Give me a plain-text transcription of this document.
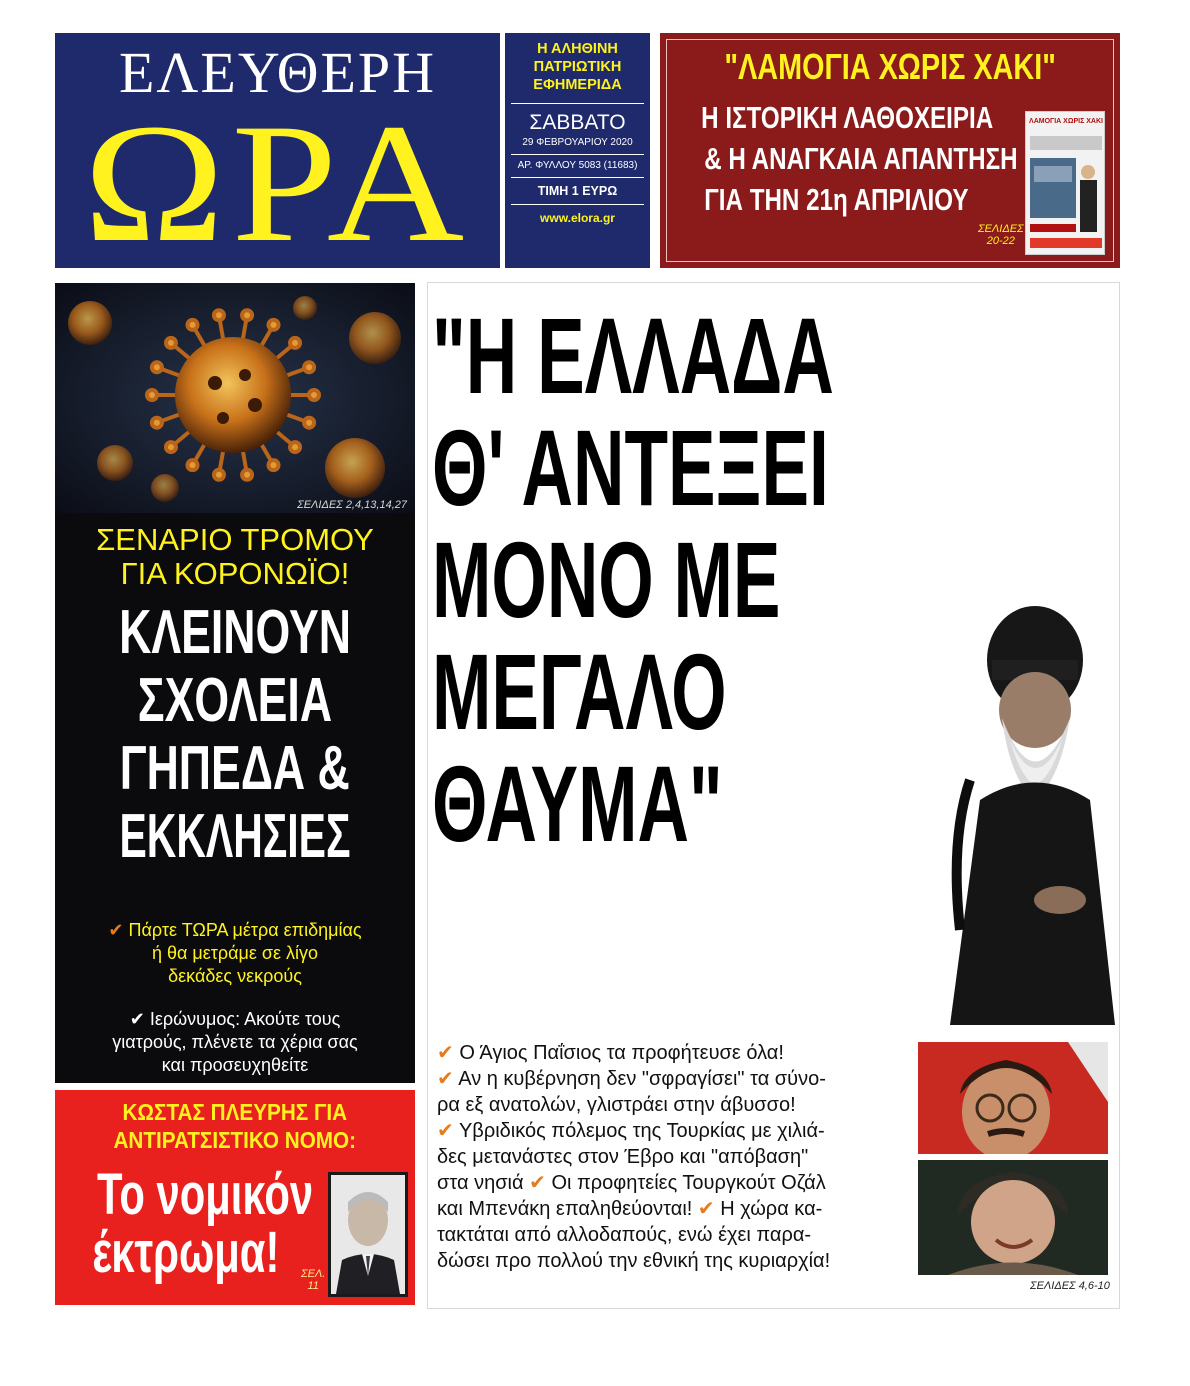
ΕΛΕΥΘΕΡΗ
ΩΡΑ
Η ΑΛΗΘΙΝΗ
ΠΑΤΡΙΩΤΙΚΗ
ΕΦΗΜΕΡΙΔΑ
ΣΑΒΒΑΤΟ
29 ΦΕΒΡΟΥΑΡΙΟΥ 2020
ΑΡ. ΦΥΛΛΟΥ 5083 (11683)
ΤΙΜΗ 1 ΕΥΡΩ
www.elora.gr
"ΛΑΜΟΓΙΑ ΧΩΡΙΣ ΧΑΚΙ"
Η ΙΣΤΟΡΙΚΗ ΛΑΘΟΧΕΙΡΙΑ
& Η ΑΝΑΓΚΑΙΑ ΑΠΑΝΤΗΣΗ
ΓΙΑ ΤΗΝ 21η ΑΠΡΙΛΙΟΥ
ΣΕΛΙΔΕΣ
20-22
ΛΑΜΟΓΙΑ ΧΩΡΙΣ ΧΑΚΙ
ΣΕΛΙΔΕΣ 2,4,13,14,27
ΣΕΝΑΡΙΟ ΤΡΟΜΟΥ
ΓΙΑ ΚΟΡΟΝΩΪΟ!
ΚΛΕΙΝΟΥΝ
ΣΧΟΛΕΙΑ
ΓΗΠΕΔΑ &
ΕΚΚΛΗΣΙΕΣ
✔ Πάρτε ΤΩΡΑ μέτρα επιδημίας
ή θα μετράμε σε λίγο
δεκάδες νεκρούς
✔ Ιερώνυμος: Ακούτε τους
γιατρούς, πλένετε τα χέρια σας
και προσευχηθείτε
ΚΩΣΤΑΣ ΠΛΕΥΡΗΣ ΓΙΑ
ΑΝΤΙΡΑΤΣΙΣΤΙΚΟ ΝΟΜΟ:
Το νομικόν
έκτρωμα!	ΣΕΛ.
11
"Η ΕΛΛΑΔΑ
Θ' ΑΝΤΕΞΕΙ
ΜΟΝΟ ΜΕ
ΜΕΓΑΛΟ
ΘΑΥΜΑ"
✔ Ο Άγιος Παΐσιος τα προφήτευσε όλα!
✔ Αν η κυβέρνηση δεν "σφραγίσει" τα σύνο-
ρα εξ ανατολών, γλιστράει στην άβυσσο!
✔ Υβριδικός πόλεμος της Τουρκίας με χιλιά-
δες μετανάστες στον Έβρο και "απόβαση"
στα νησιά ✔ Οι προφητείες Τουργκούτ Οζάλ
και Μπενάκη επαληθεύονται! ✔ Η χώρα κα-
τακτάται από αλλοδαπούς, ενώ έχει παρα-
δώσει προ πολλού την εθνική της κυριαρχία!
ΣΕΛΙΔΕΣ 4,6-10
